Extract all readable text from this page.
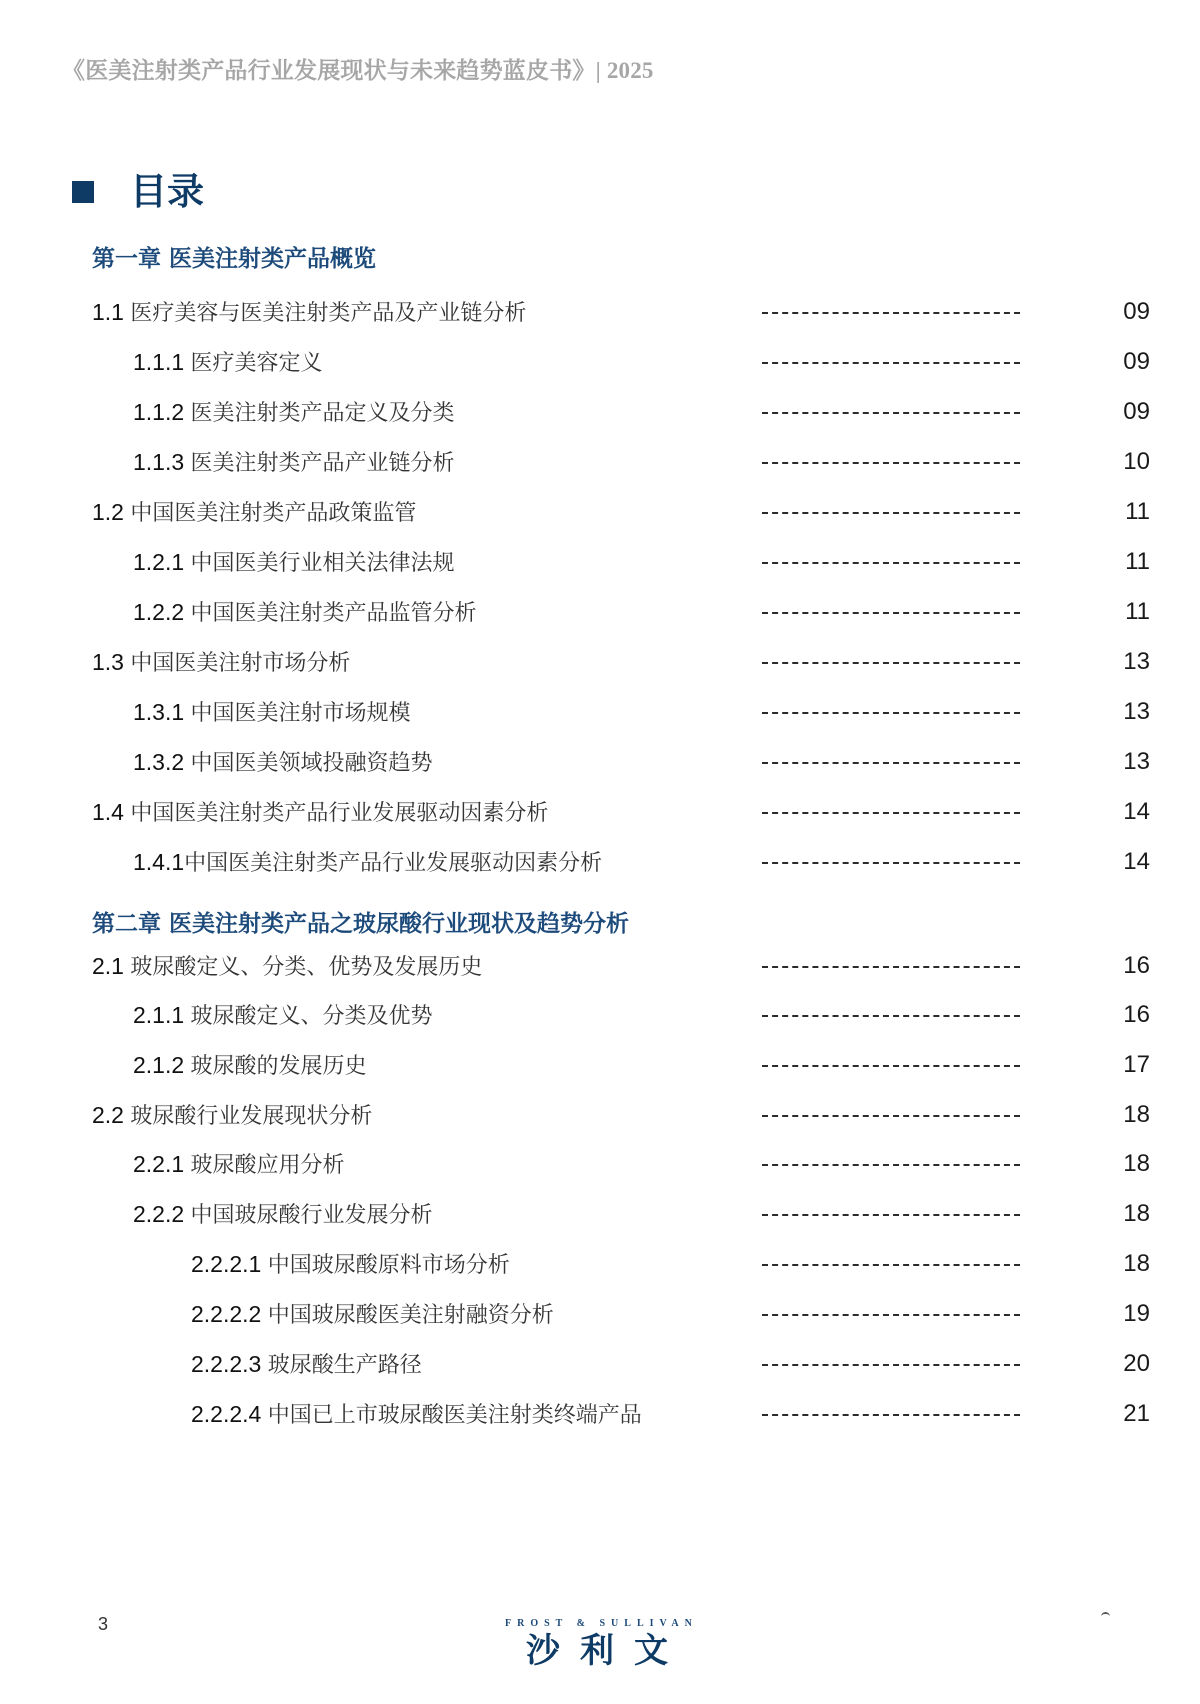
《医美注射类产品行业发展现状与未来趋势蓝皮书》| 2025
目录
第一章 医美注射类产品概览
1.1 医疗美容与医美注射类产品及产业链分析	09
1.1.1 医疗美容定义	09
1.1.2 医美注射类产品定义及分类	09
1.1.3 医美注射类产品产业链分析	10
1.2 中国医美注射类产品政策监管	11
1.2.1 中国医美行业相关法律法规	11
1.2.2 中国医美注射类产品监管分析	11
1.3 中国医美注射市场分析	13
1.3.1 中国医美注射市场规模	13
1.3.2 中国医美领域投融资趋势	13
1.4 中国医美注射类产品行业发展驱动因素分析	14
1.4.1中国医美注射类产品行业发展驱动因素分析	14
第二章 医美注射类产品之玻尿酸行业现状及趋势分析
2.1 玻尿酸定义、分类、优势及发展历史	16
2.1.1 玻尿酸定义、分类及优势	16
2.1.2 玻尿酸的发展历史	17
2.2 玻尿酸行业发展现状分析	18
2.2.1 玻尿酸应用分析	18
2.2.2 中国玻尿酸行业发展分析	18
2.2.2.1 中国玻尿酸原料市场分析	18
2.2.2.2 中国玻尿酸医美注射融资分析	19
2.2.2.3 玻尿酸生产路径	20
2.2.2.4 中国已上市玻尿酸医美注射类终端产品	21
3	FROST & SULLIVAN
沙利文
